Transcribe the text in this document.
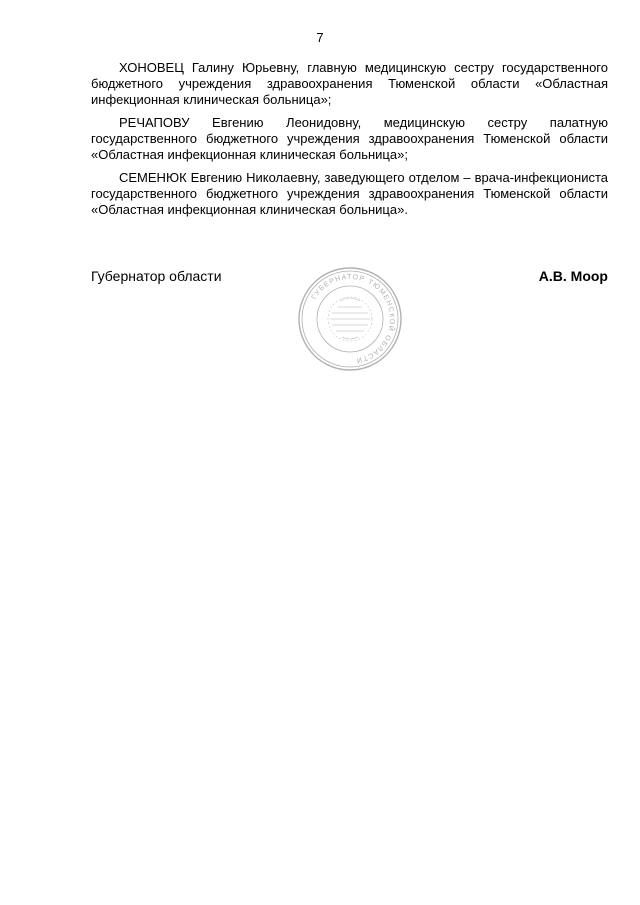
7

ХОНОВЕЦ Галину Юрьевну, главную медицинскую сестру государственного бюджетного учреждения здравоохранения Тюменской области «Областная инфекционная клиническая больница»;

РЕЧАПОВУ Евгению Леонидовну, медицинскую сестру палатную государственного бюджетного учреждения здравоохранения Тюменской области «Областная инфекционная клиническая больница»;

СЕМЕНЮК Евгению Николаевну, заведующего отделом – врача-инфекциониста государственного бюджетного учреждения здравоохранения Тюменской области «Областная инфекционная клиническая больница».

Губернатор области	А.В. Моор
ГУБЕРНАТОР ТЮМЕНСКОЙ ОБЛАСТИ
